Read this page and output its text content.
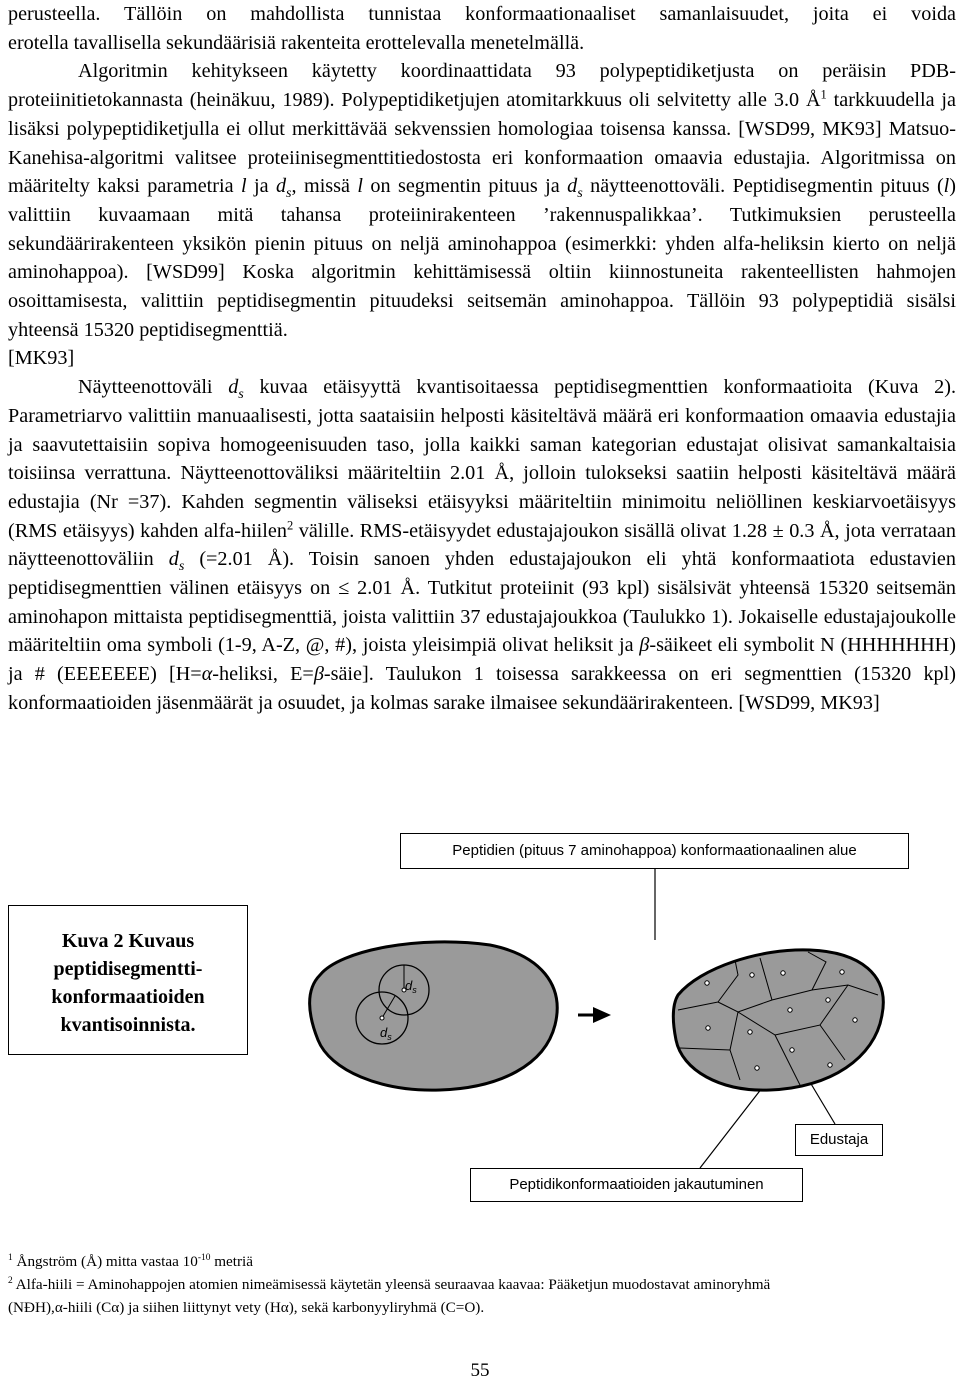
perusteella. Tällöin on mahdollista tunnistaa konformaationaaliset samanlaisuudet, joita ei voida erotella tavallisella sekundäärisiä rakenteita erottelevalla menetelmällä.

Algoritmin kehitykseen käytetty koordinaattidata 93 polypeptidiketjusta on peräisin PDB-proteiinitietokannasta (heinäkuu, 1989). Polypeptidiketjujen atomitarkkuus oli selvitetty alle 3.0 $Å^1$ tarkkuudella ja lisäksi polypeptidiketjulla ei ollut merkittävää sekvenssien homologiaa toisensa kanssa. [WSD99, MK93] Matsuo-Kanehisa-algoritmi valitsee proteiinisegmenttitiedostosta eri konformaation omaavia edustajia. Algoritmissa on määritelty kaksi parametria l ja $d_s$, missä l on segmentin pituus ja $d_s$ näytteenottoväli. Peptidisegmentin pituus (l) valittiin kuvaamaan mitä tahansa proteiinirakenteen ’rakennuspalikkaa’. Tutkimuksien perusteella sekundäärirakenteen yksikön pienin pituus on neljä aminohappoa (esimerkki: yhden alfa-heliksin kierto on neljä aminohappoa). [WSD99] Koska algoritmin kehittämisessä oltiin kiinnostuneita rakenteellisten hahmojen osoittamisesta, valittiin peptidisegmentin pituudeksi seitsemän aminohappoa. Tällöin 93 polypeptidiä sisälsi yhteensä 15320 peptidisegmenttiä.
[MK93]

Näytteenottoväli $d_s$ kuvaa etäisyyttä kvantisoitaessa peptidisegmenttien konformaatioita (Kuva 2). Parametriarvo valittiin manuaalisesti, jotta saataisiin helposti käsiteltävä määrä eri konformaation omaavia edustajia ja saavutettaisiin sopiva homogeenisuuden taso, jolla kaikki saman kategorian edustajat olisivat samankaltaisia toisiinsa verrattuna. Näytteenottoväliksi määriteltiin 2.01 Å, jolloin tulokseksi saatiin helposti käsiteltävä määrä edustajia (Nr =37). Kahden segmentin väliseksi etäisyyksi määriteltiin minimoitu neliöllinen keskiarvoetäisyys (RMS etäisyys) kahden alfa-hiilen$^2$ välille. RMS-etäisyydet edustajajoukon sisällä olivat 1.28 ± 0.3 Å, jota verrataan näytteenottoväliin $d_s$ (=2.01 Å). Toisin sanoen yhden edustajajoukon eli yhtä konformaatiota edustavien peptidisegmenttien välinen etäisyys on ≤ 2.01 Å. Tutkitut proteiinit (93 kpl) sisälsivät yhteensä 15320 seitsemän aminohapon mittaista peptidisegmenttiä, joista valittiin 37 edustajajoukkoa (Taulukko 1). Jokaiselle edustajajoukolle määriteltiin oma symboli (1-9, A-Z, @, #), joista yleisimpiä olivat heliksit ja β-säikeet eli symbolit N (HHHHHHH) ja # (EEEEEEE) [H=α-heliksi, E=β-säie]. Taulukon 1 toisessa sarakkeessa on eri segmenttien (15320 kpl) konformaatioiden jäsenmäärät ja osuudet, ja kolmas sarake ilmaisee sekundäärirakenteen. [WSD99, MK93]

$d_s$
$d_s$
Peptidien (pituus 7 aminohappoa) konformaationaalinen alue
Kuva 2 Kuvaus
peptidisegmentti-
konformaatioiden
kvantisoinnista.
Edustaja
Peptidikonformaatioiden jakautuminen
$^1$ Ångström (Å) mitta vastaa $10^{-10}$ metriä
$^2$ Alfa-hiili = Aminohappojen atomien nimeämisessä käytetän yleensä seuraavaa kaavaa: Pääketjun muodostavat aminoryhmä
(NÐH),α-hiili (Cα) ja siihen liittynyt vety (Hα), sekä karbonyyliryhmä (C=O).
55
